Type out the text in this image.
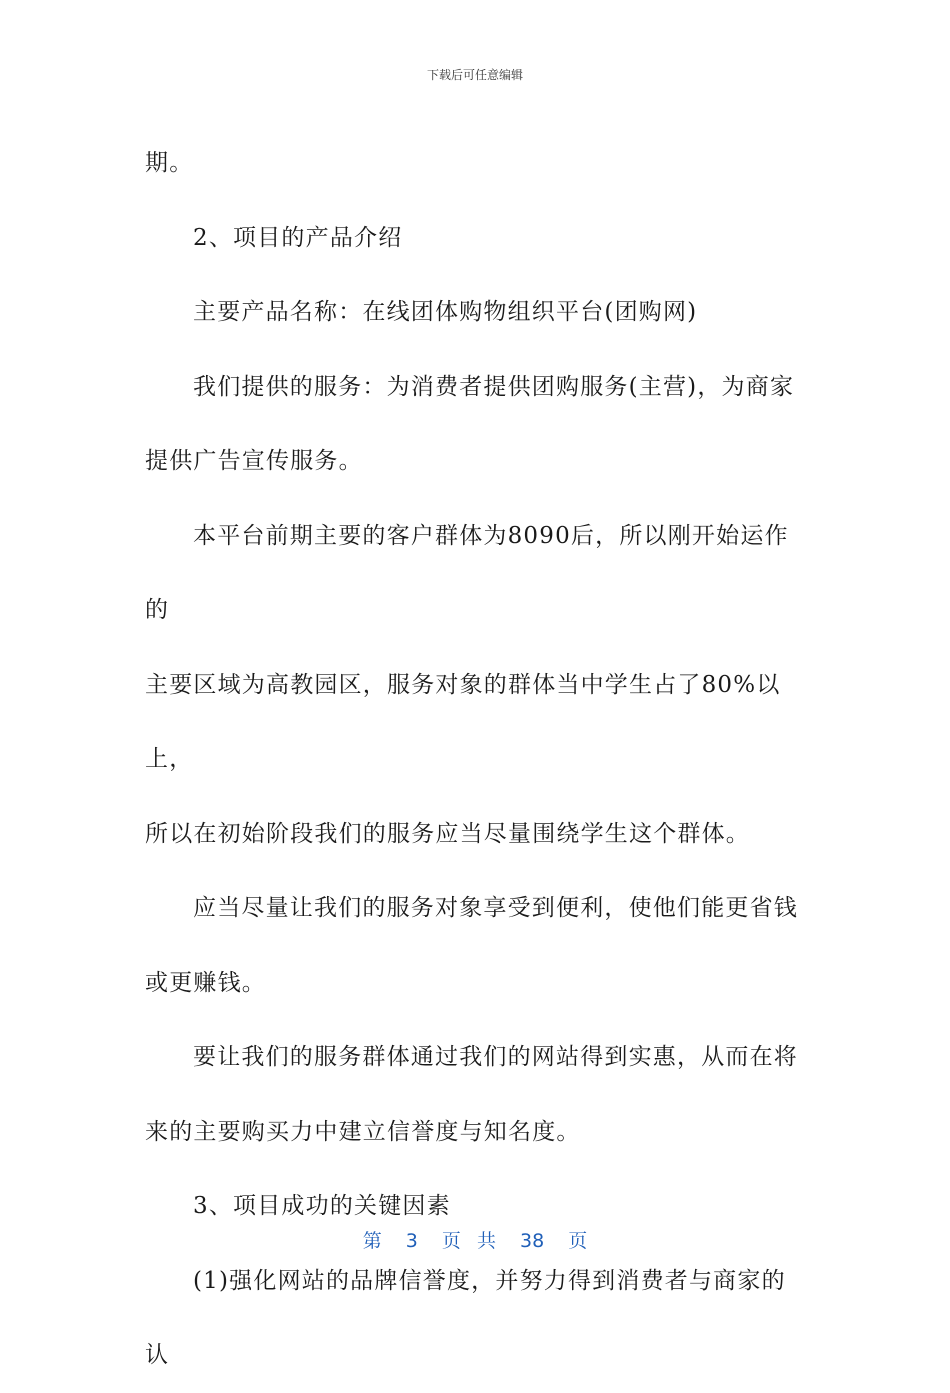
下载后可任意编辑

期。

2、项目的产品介绍

主要产品名称：在线团体购物组织平台(团购网)

我们提供的服务：为消费者提供团购服务(主营)，为商家

提供广告宣传服务。

本平台前期主要的客户群体为8090后，所以刚开始运作的

主要区域为高教园区，服务对象的群体当中学生占了80%以上，

所以在初始阶段我们的服务应当尽量围绕学生这个群体。

应当尽量让我们的服务对象享受到便利，使他们能更省钱

或更赚钱。

要让我们的服务群体通过我们的网站得到实惠，从而在将

来的主要购买力中建立信誉度与知名度。

3、项目成功的关键因素

(1)强化网站的品牌信誉度，并努力得到消费者与商家的认

第 3 页 共 38 页
